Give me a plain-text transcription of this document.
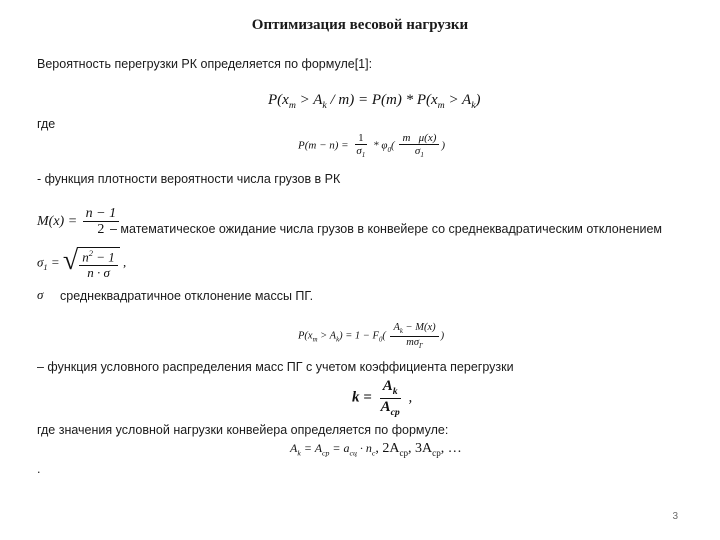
Оптимизация весовой нагрузки
Вероятность перегрузки РК определяется по формуле[1]:
$P(x_m > A_k / m) = P(m) * P(x_m > A_k)$
где
$P(m - n) = \frac{1}{\sigma_1} * \varphi_0( \frac{\text{m   μ(x)}}{\sigma_1}$ )
- функция плотности вероятности числа грузов в РК
$M(x) = \frac{n - 1}{2}$
– математическое ожидание числа грузов в конвейере со среднеквадратическим отклонением
$\sigma_1$ = √ $\frac{n^2 - 1}{n \cdot \sigma}$ ,
σ среднеквадратичное отклонение массы ПГ.
$P(x_m > A_k) = 1 - F_0( \frac{A_k - M(x)}{m\sigma_Г}$ )
– функция условного распределения масс ПГ с учетом коэффициента перегрузки
$k = \frac{A_k}{A_{ср}}$ ,
где значения условной нагрузки конвейера определяется по формуле:
$A_k = A_{ср} = a_{сц} \cdot n_c$, $2A_{ср}$, $3A_{ср}$, …
.
3
